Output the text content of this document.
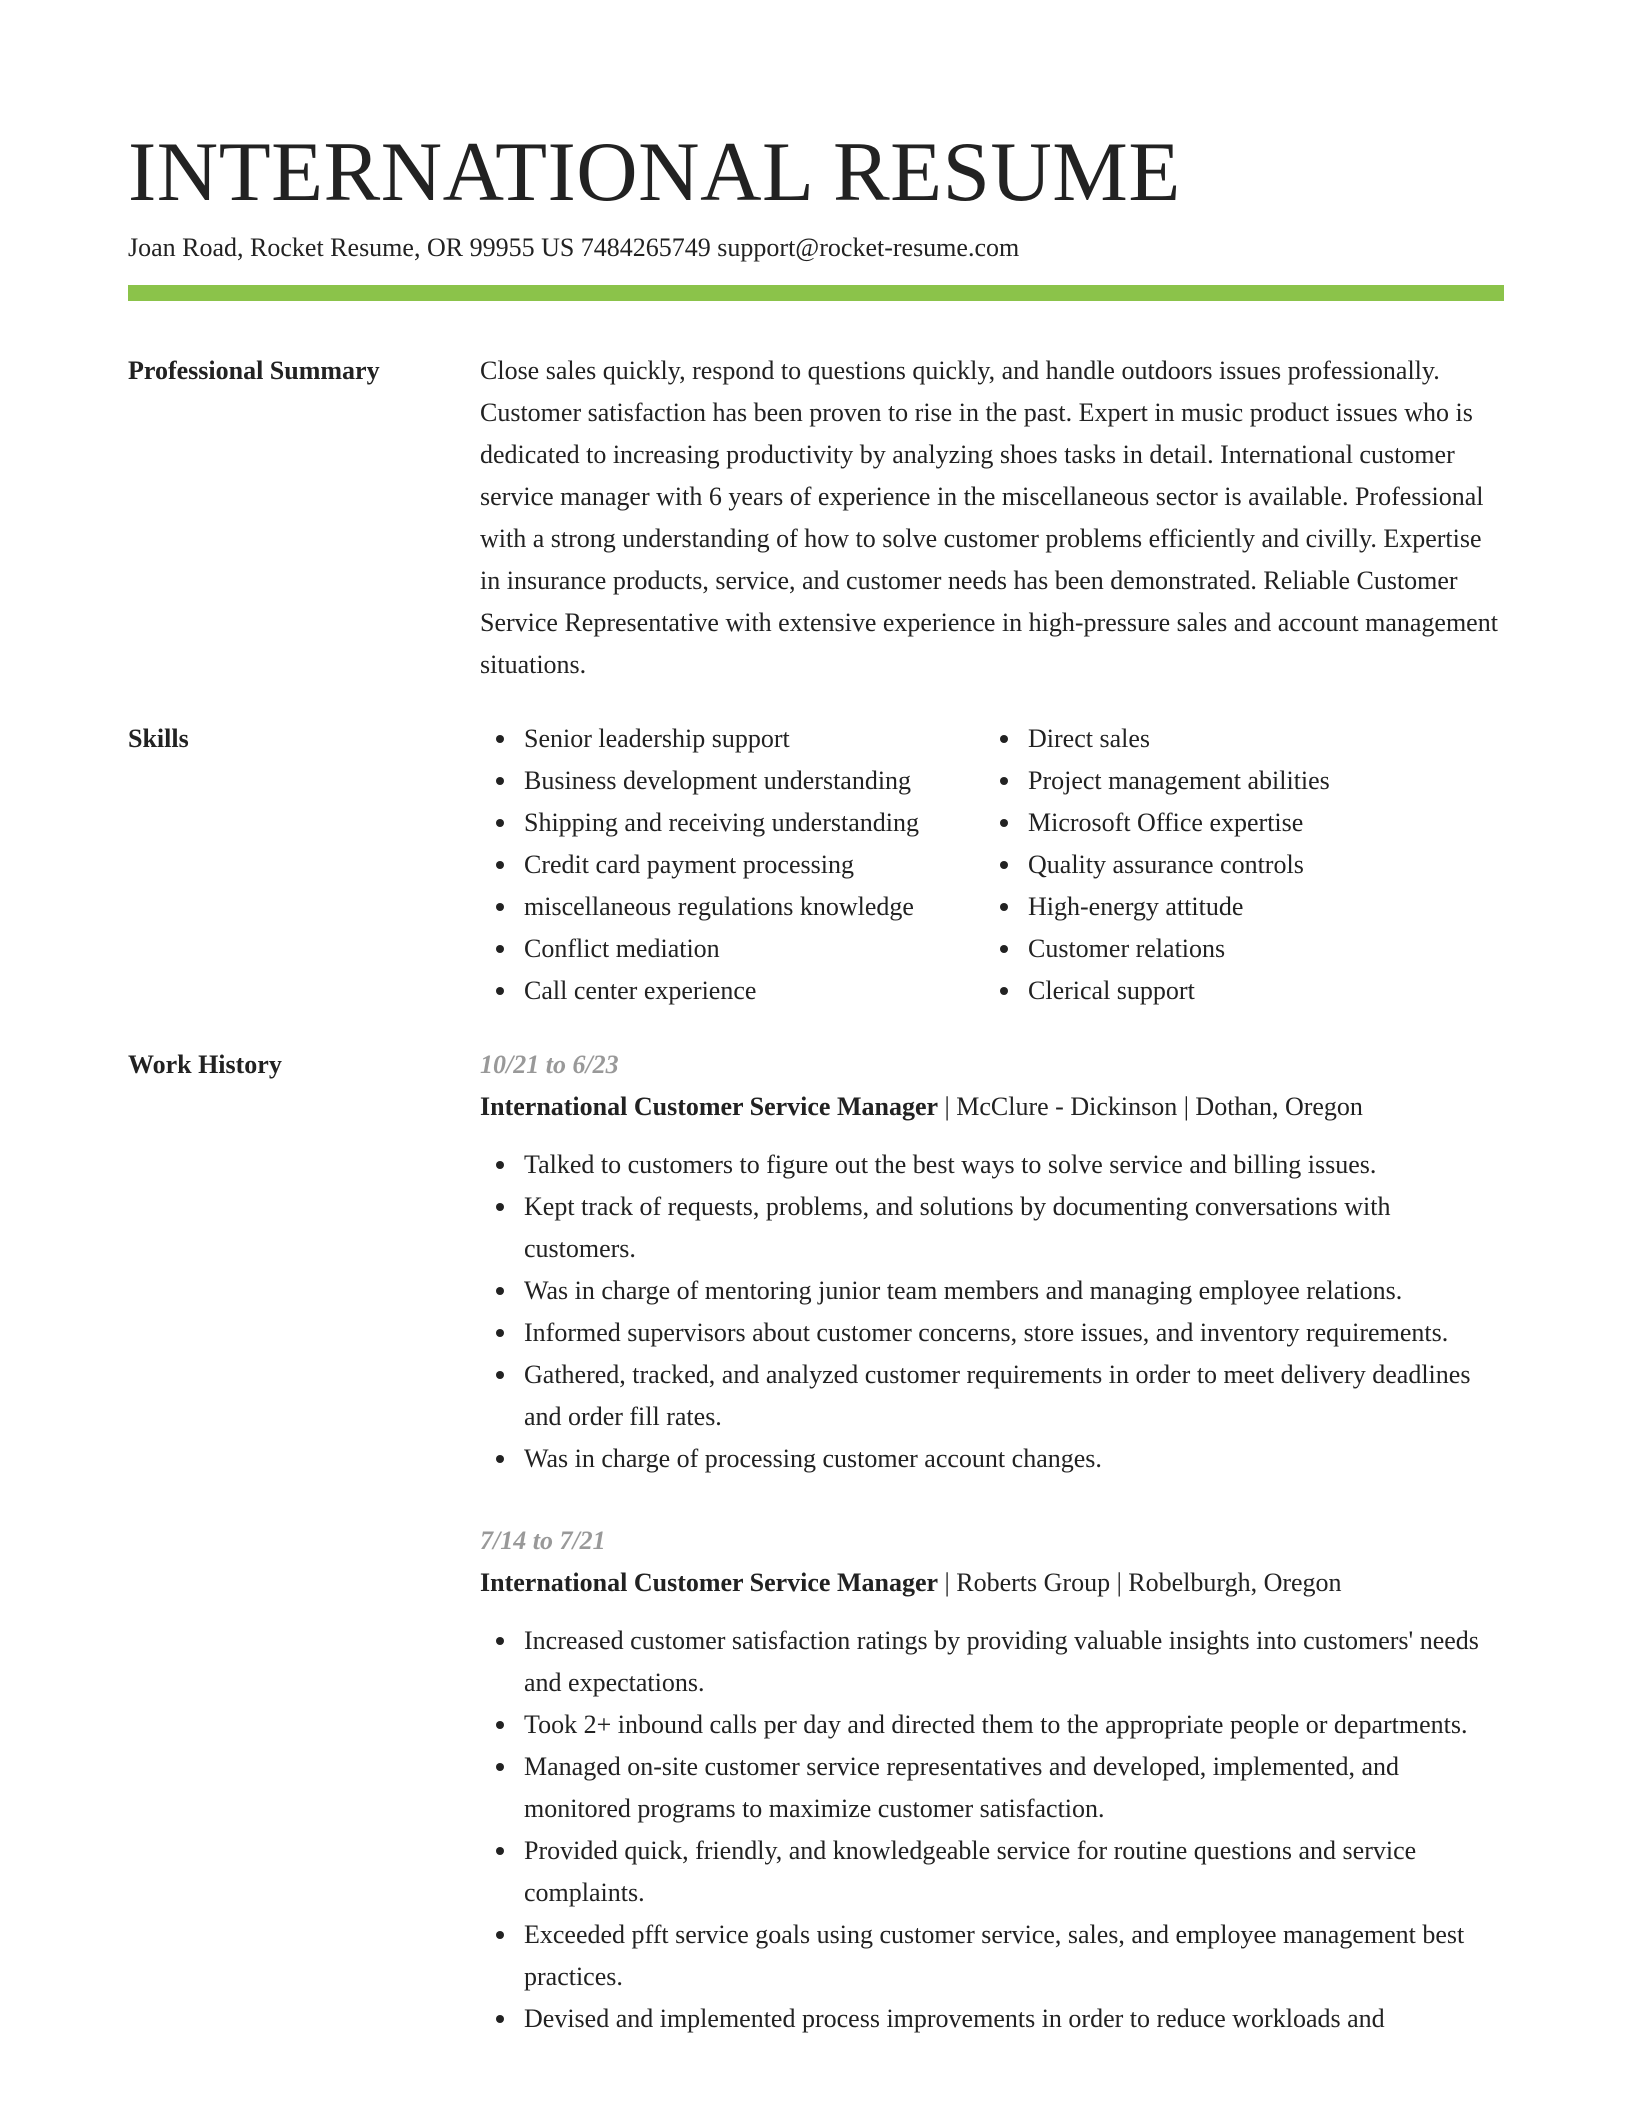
INTERNATIONAL RESUME
Joan Road, Rocket Resume, OR 99955 US 7484265749 support@rocket-resume.com
Professional Summary	Close sales quickly, respond to questions quickly, and handle outdoors issues professionally. Customer satisfaction has been proven to rise in the past. Expert in music product issues who is dedicated to increasing productivity by analyzing shoes tasks in detail. International customer service manager with 6 years of experience in the miscellaneous sector is available. Professional with a strong understanding of how to solve customer problems efficiently and civilly. Expertise in insurance products, service, and customer needs has been demonstrated. Reliable Customer Service Representative with extensive experience in high-pressure sales and account management situations.

Skills	Senior leadership support
Business development understanding
Shipping and receiving understanding
Credit card payment processing
miscellaneous regulations knowledge
Conflict mediation
Call center experience
Direct sales
Project management abilities
Microsoft Office expertise
Quality assurance controls
High-energy attitude
Customer relations
Clerical support
Work History	10/21 to 6/23
International Customer Service Manager | McClure - Dickinson | Dothan, Oregon
Talked to customers to figure out the best ways to solve service and billing issues.
Kept track of requests, problems, and solutions by documenting conversations with customers.
Was in charge of mentoring junior team members and managing employee relations.
Informed supervisors about customer concerns, store issues, and inventory requirements.
Gathered, tracked, and analyzed customer requirements in order to meet delivery deadlines and order fill rates.
Was in charge of processing customer account changes.
7/14 to 7/21
International Customer Service Manager | Roberts Group | Robelburgh, Oregon
Increased customer satisfaction ratings by providing valuable insights into customers' needs and expectations.
Took 2+ inbound calls per day and directed them to the appropriate people or departments.
Managed on-site customer service representatives and developed, implemented, and monitored programs to maximize customer satisfaction.
Provided quick, friendly, and knowledgeable service for routine questions and service complaints.
Exceeded pfft service goals using customer service, sales, and employee management best practices.
Devised and implemented process improvements in order to reduce workloads and
